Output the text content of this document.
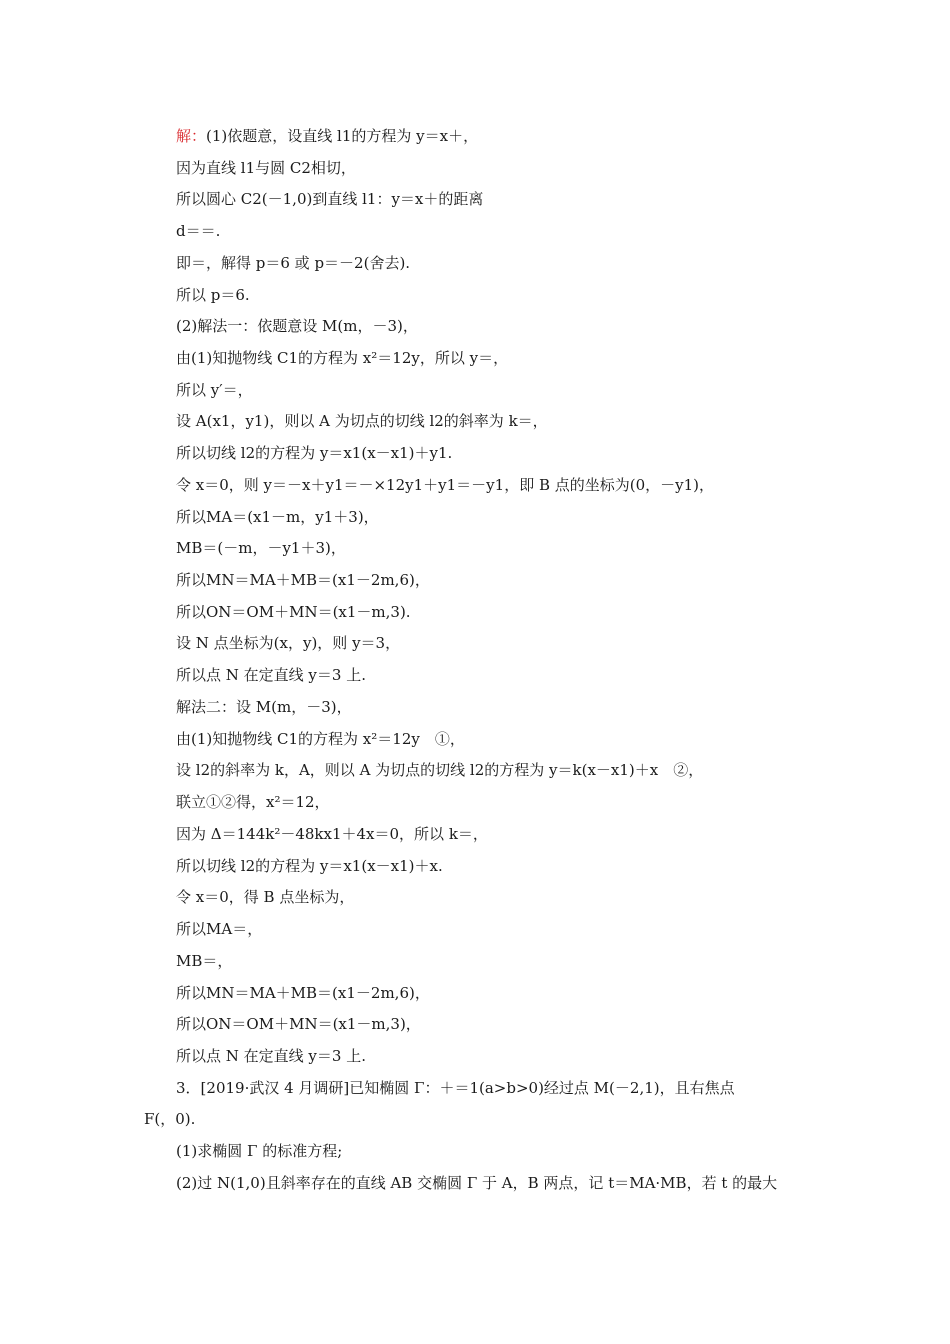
解：(1)依题意，设直线 l1的方程为 y＝x＋，
因为直线 l1与圆 C2相切，
所以圆心 C2(－1,0)到直线 l1：y＝x＋的距离
d＝＝.
即＝，解得 p＝6 或 p＝－2(舍去).
所以 p＝6.
(2)解法一：依题意设 M(m，－3)，
由(1)知抛物线 C1的方程为 x²＝12y，所以 y＝，
所以 y′＝，
设 A(x1，y1)，则以 A 为切点的切线 l2的斜率为 k＝，
所以切线 l2的方程为 y＝x1(x－x1)＋y1.
令 x＝0，则 y＝－x＋y1＝－×12y1＋y1＝－y1，即 B 点的坐标为(0，－y1)，
所以MA＝(x1－m，y1＋3)，
MB＝(－m，－y1＋3)，
所以MN＝MA＋MB＝(x1－2m,6)，
所以ON＝OM＋MN＝(x1－m,3).
设 N 点坐标为(x，y)，则 y＝3，
所以点 N 在定直线 y＝3 上.
解法二：设 M(m，－3)，
由(1)知抛物线 C1的方程为 x²＝12y　①，
设 l2的斜率为 k，A，则以 A 为切点的切线 l2的方程为 y＝k(x－x1)＋x　②，
联立①②得，x²＝12，
因为 Δ＝144k²－48kx1＋4x＝0，所以 k＝，
所以切线 l2的方程为 y＝x1(x－x1)＋x.
令 x＝0，得 B 点坐标为，
所以MA＝，
MB＝，
所以MN＝MA＋MB＝(x1－2m,6)，
所以ON＝OM＋MN＝(x1－m,3)，
所以点 N 在定直线 y＝3 上.
3．[2019·武汉 4 月调研]已知椭圆 Γ：＋＝1(a>b>0)经过点 M(－2,1)，且右焦点
F(，0).
(1)求椭圆 Γ 的标准方程;
(2)过 N(1,0)且斜率存在的直线 AB 交椭圆 Γ 于 A，B 两点，记 t＝MA·MB，若 t 的最大
